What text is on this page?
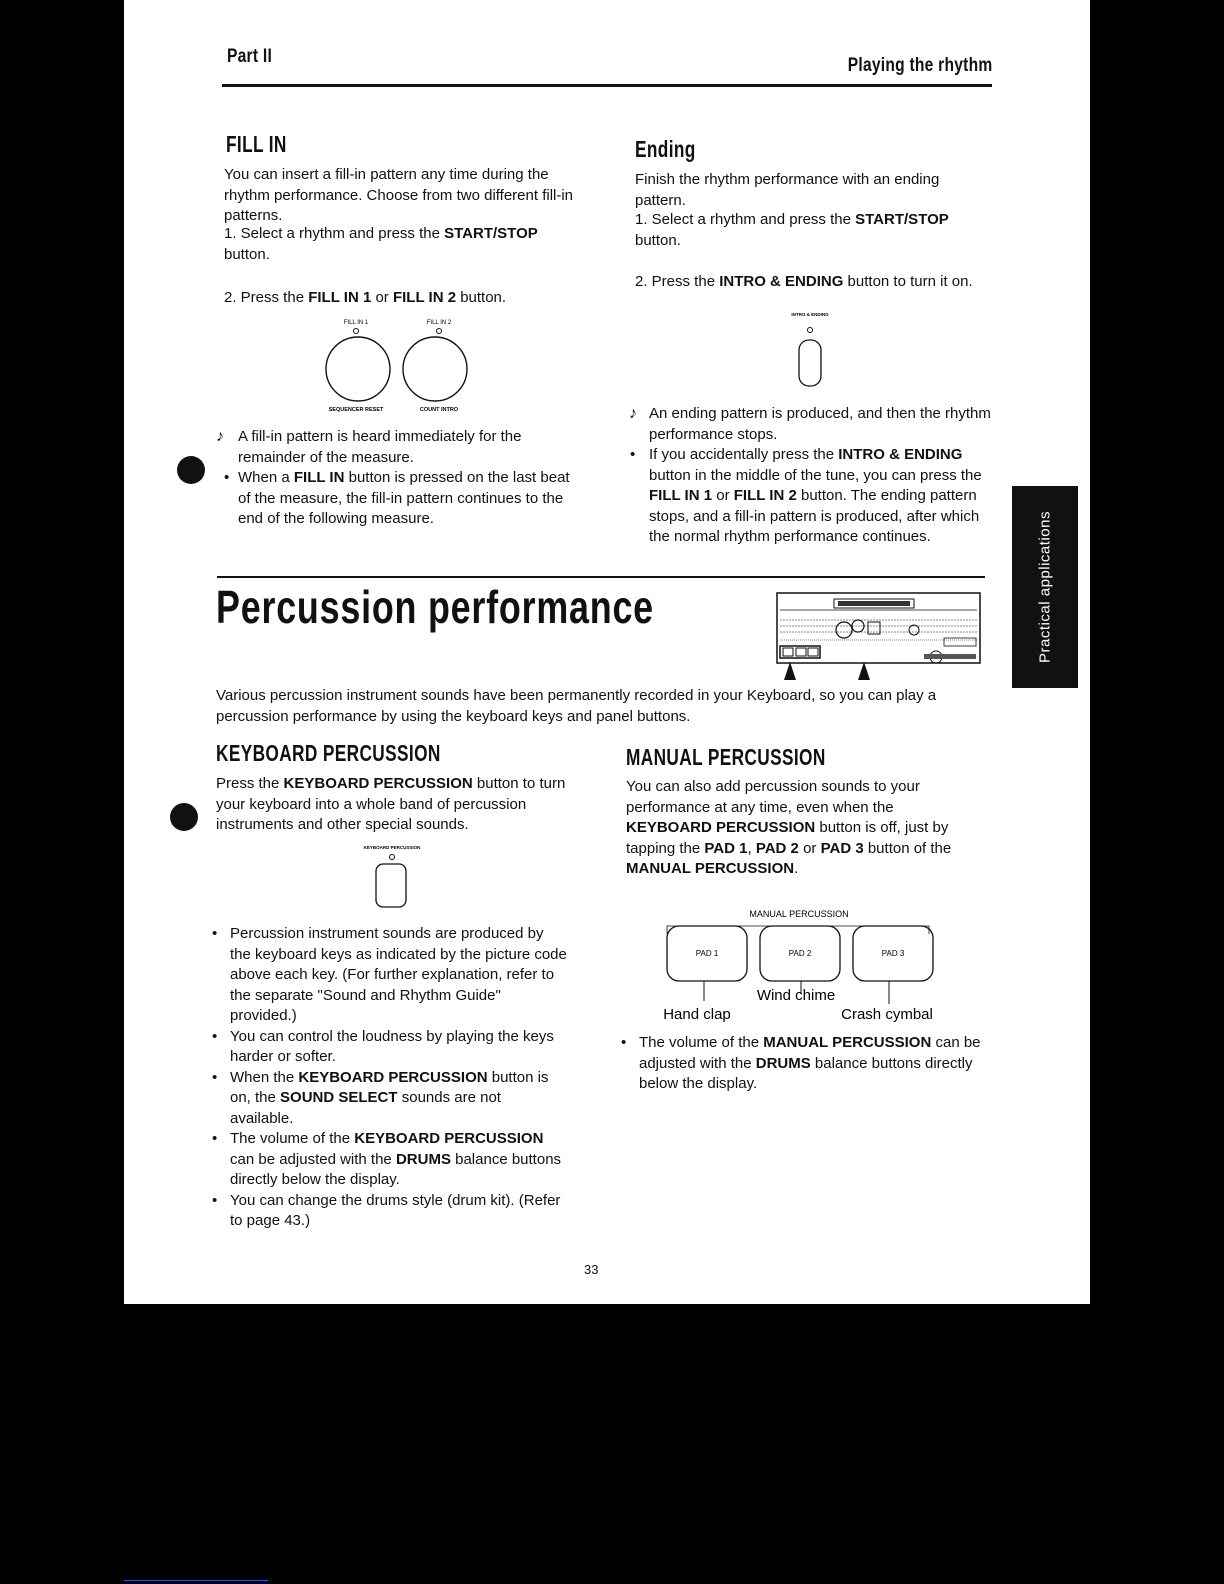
Part II	Playing the rhythm
FILL IN
You can insert a fill-in pattern any time during the rhythm performance. Choose from two different fill-in patterns.
1. Select a rhythm and press the START/STOP button.
2. Press the FILL IN 1 or FILL IN 2 button.
FILL IN 1	FILL IN 2
SEQUENCER RESET	COUNT INTRO
♪ A fill-in pattern is heard immediately for the remainder of the measure.
• When a FILL IN button is pressed on the last beat of the measure, the fill-in pattern continues to the end of the following measure.
Ending
Finish the rhythm performance with an ending pattern.
1. Select a rhythm and press the START/STOP button.
2. Press the INTRO & ENDING button to turn it on.
INTRO & ENDING
♪ An ending pattern is produced, and then the rhythm performance stops.
• If you accidentally press the INTRO & ENDING button in the middle of the tune, you can press the FILL IN 1 or FILL IN 2 button. The ending pattern stops, and a fill-in pattern is produced, after which the normal rhythm performance continues.
Percussion performance
Various percussion instrument sounds have been permanently recorded in your Keyboard, so you can play a percussion performance by using the keyboard keys and panel buttons.
KEYBOARD PERCUSSION
Press the KEYBOARD PERCUSSION button to turn your keyboard into a whole band of percussion instruments and other special sounds.
KEYBOARD PERCUSSION
• Percussion instrument sounds are produced by the keyboard keys as indicated by the picture code above each key. (For further explanation, refer to the separate "Sound and Rhythm Guide" provided.)
• You can control the loudness by playing the keys harder or softer.
• When the KEYBOARD PERCUSSION button is on, the SOUND SELECT sounds are not available.
• The volume of the KEYBOARD PERCUSSION can be adjusted with the DRUMS balance buttons directly below the display.
• You can change the drums style (drum kit). (Refer to page 43.)
MANUAL PERCUSSION
You can also add percussion sounds to your performance at any time, even when the KEYBOARD PERCUSSION button is off, just by tapping the PAD 1, PAD 2 or PAD 3 button of the MANUAL PERCUSSION.
MANUAL PERCUSSION
PAD 1	PAD 2	PAD 3
Hand clap
Wind chime
Crash cymbal
• The volume of the MANUAL PERCUSSION can be adjusted with the DRUMS balance buttons directly below the display.
33
Practical applications
